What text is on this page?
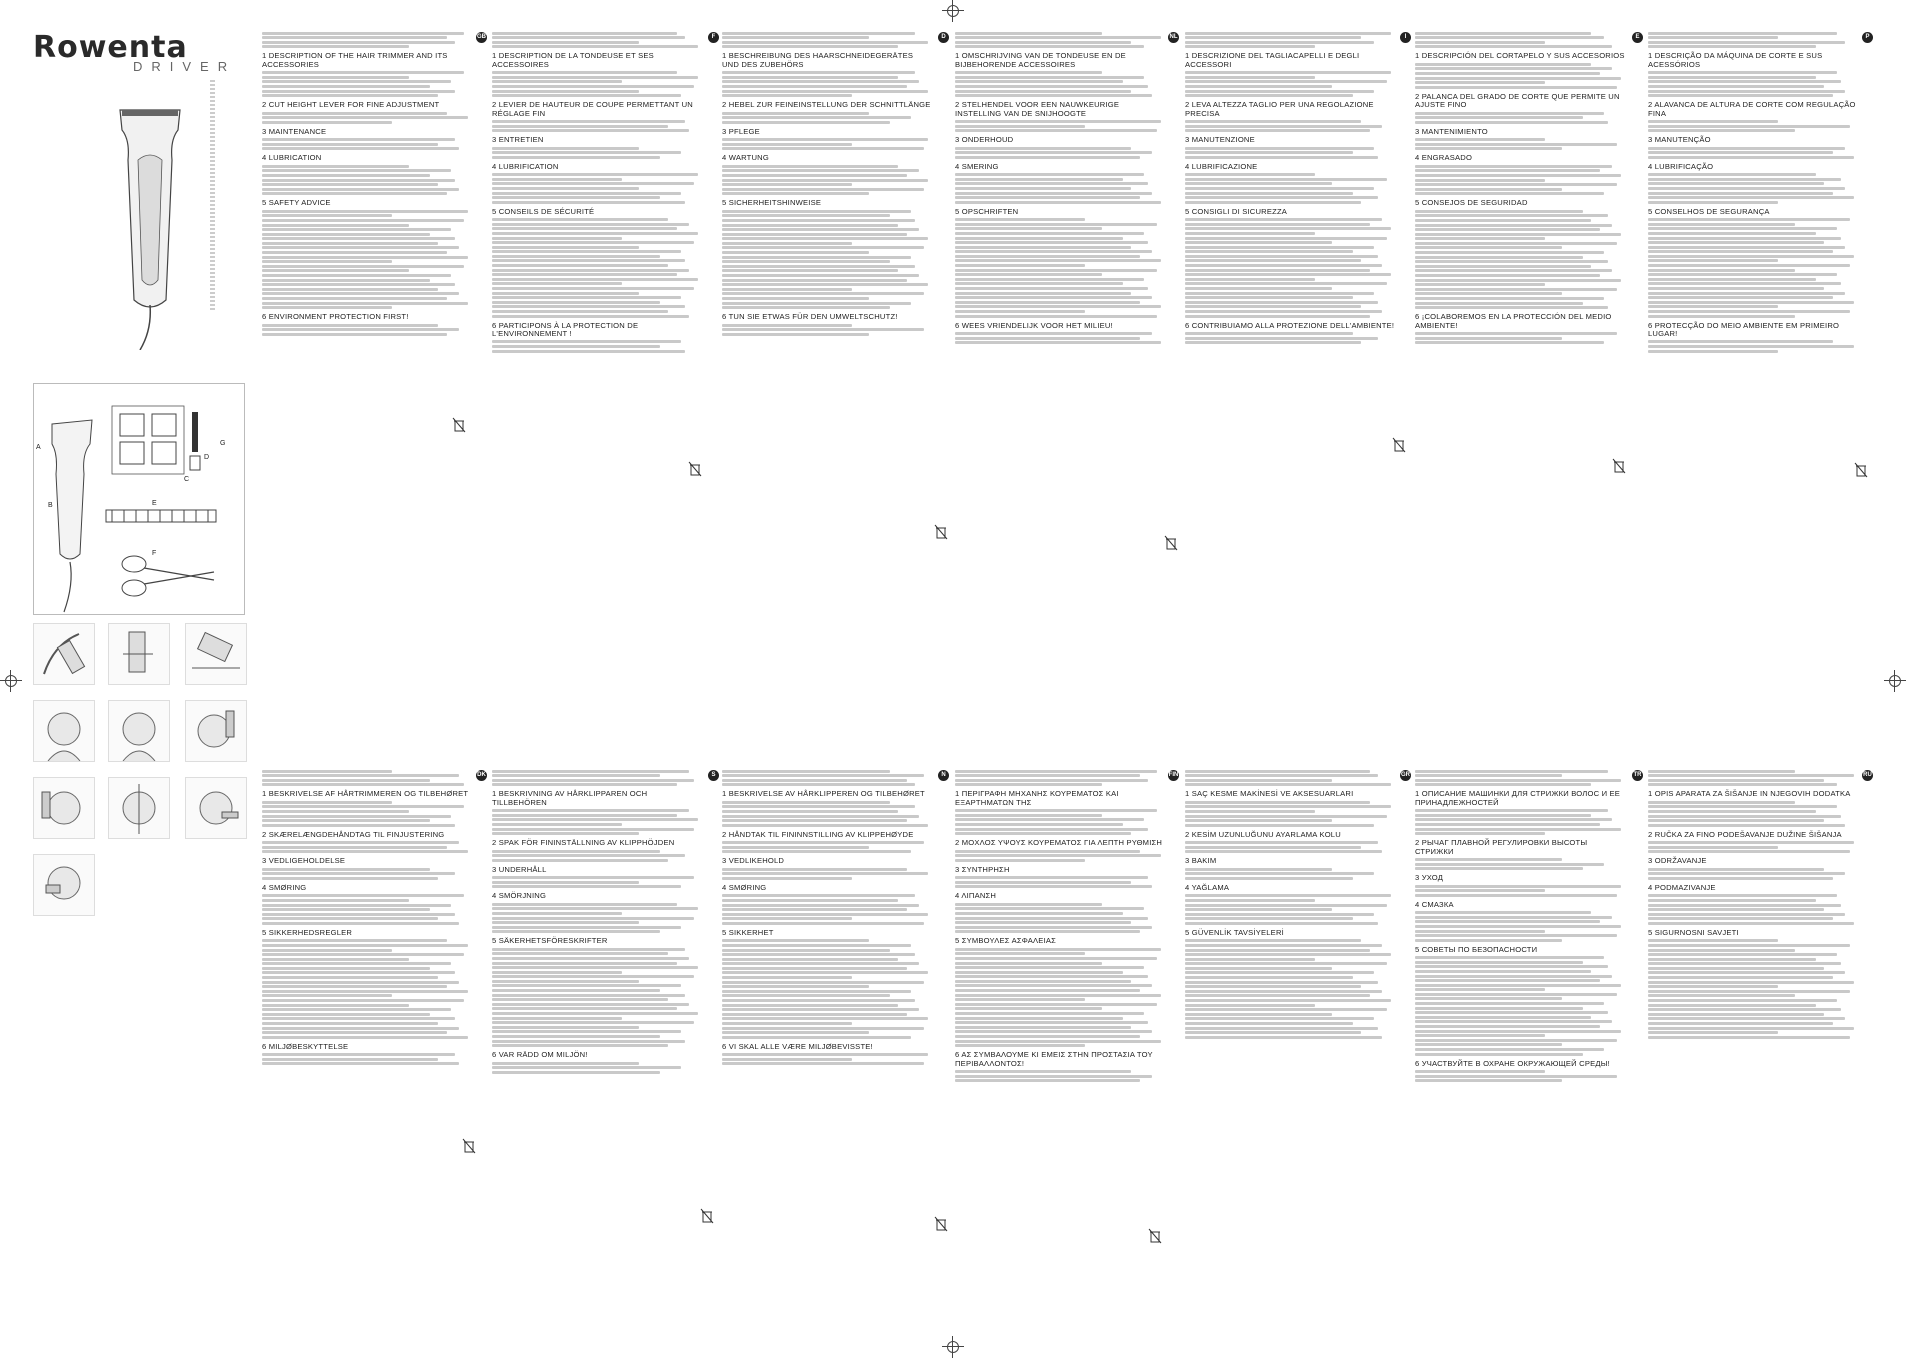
Rowenta
DRIVER
A
B
C
D
E
F
G
1 DESCRIPTION OF THE HAIR TRIMMER AND ITS ACCESSORIES
2 CUT HEIGHT LEVER FOR FINE ADJUSTMENT
3 MAINTENANCE
4 LUBRICATION
5 SAFETY ADVICE
6 ENVIRONMENT PROTECTION FIRST!
1 DESCRIPTION DE LA TONDEUSE ET SES ACCESSOIRES
2 LEVIER DE HAUTEUR DE COUPE PERMETTANT UN RÉGLAGE FIN
3 ENTRETIEN
4 LUBRIFICATION
5 CONSEILS DE SÉCURITÉ
6 PARTICIPONS À LA PROTECTION DE L'ENVIRONNEMENT !
1 BESCHREIBUNG DES HAARSCHNEIDEGERÄTES UND DES ZUBEHÖRS
2 HEBEL ZUR FEINEINSTELLUNG DER SCHNITTLÄNGE
3 PFLEGE
4 WARTUNG
5 SICHERHEITSHINWEISE
6 TUN SIE ETWAS FÜR DEN UMWELTSCHUTZ!
1 OMSCHRIJVING VAN DE TONDEUSE EN DE BIJBEHORENDE ACCESSOIRES
2 STELHENDEL VOOR EEN NAUWKEURIGE INSTELLING VAN DE SNIJHOOGTE
3 ONDERHOUD
4 SMERING
5 OPSCHRIFTEN
6 WEES VRIENDELIJK VOOR HET MILIEU!
1 DESCRIZIONE DEL TAGLIACAPELLI E DEGLI ACCESSORI
2 LEVA ALTEZZA TAGLIO PER UNA REGOLAZIONE PRECISA
3 MANUTENZIONE
4 LUBRIFICAZIONE
5 CONSIGLI DI SICUREZZA
6 CONTRIBUIAMO ALLA PROTEZIONE DELL'AMBIENTE!
1 DESCRIPCIÓN DEL CORTAPELO Y SUS ACCESORIOS
2 PALANCA DEL GRADO DE CORTE QUE PERMITE UN AJUSTE FINO
3 MANTENIMIENTO
4 ENGRASADO
5 CONSEJOS DE SEGURIDAD
6 ¡COLABOREMOS EN LA PROTECCIÓN DEL MEDIO AMBIENTE!
1 DESCRIÇÃO DA MÁQUINA DE CORTE E SUS ACESSÓRIOS
2 ALAVANCA DE ALTURA DE CORTE COM REGULAÇÃO FINA
3 MANUTENÇÃO
4 LUBRIFICAÇÃO
5 CONSELHOS DE SEGURANÇA
6 PROTECÇÃO DO MEIO AMBIENTE EM PRIMEIRO LUGAR!
1 BESKRIVELSE AF HÅRTRIMMEREN OG TILBEHØRET
2 SKÆRELÆNGDEHÅNDTAG TIL FINJUSTERING
3 VEDLIGEHOLDELSE
4 SMØRING
5 SIKKERHEDSREGLER
6 MILJØBESKYTTELSE
1 BESKRIVNING AV HÅRKLIPPAREN OCH TILLBEHÖREN
2 SPAK FÖR FININSTÄLLNING AV KLIPPHÖJDEN
3 UNDERHÅLL
4 SMÖRJNING
5 SÄKERHETSFÖRESKRIFTER
6 VAR RÄDD OM MILJÖN!
1 BESKRIVELSE AV HÅRKLIPPEREN OG TILBEHØRET
2 HÅNDTAK TIL FININNSTILLING AV KLIPPEHØYDE
3 VEDLIKEHOLD
4 SMØRING
5 SIKKERHET
6 VI SKAL ALLE VÆRE MILJØBEVISSTE!
1 ΠΕΡΙΓΡΑΦΗ ΜΗΧΑΝΗΣ ΚΟΥΡΕΜΑΤΟΣ ΚΑΙ ΕΞΑΡΤΗΜΑΤΩΝ ΤΗΣ
2 ΜΟΧΛΟΣ ΥΨΟΥΣ ΚΟΥΡΕΜΑΤΟΣ ΓΙΑ ΛΕΠΤΗ ΡΥΘΜΙΣΗ
3 ΣΥΝΤΗΡΗΣΗ
4 ΛΙΠΑΝΣΗ
5 ΣΥΜΒΟΥΛΕΣ ΑΣΦΑΛΕΙΑΣ
6 ΑΣ ΣΥΜΒΑΛΟΥΜΕ ΚΙ ΕΜΕΙΣ ΣΤΗΝ ΠΡΟΣΤΑΣΙΑ ΤΟΥ ΠΕΡΙΒΑΛΛΟΝΤΟΣ!
1 SAÇ KESME MAKİNESİ VE AKSESUARLARI
2 KESİM UZUNLUĞUNU AYARLAMA KOLU
3 BAKIM
4 YAĞLAMA
5 GÜVENLİK TAVSİYELERİ
1 ОПИСАНИЕ МАШИНКИ ДЛЯ СТРИЖКИ ВОЛОС И ЕЕ ПРИНАДЛЕЖНОСТЕЙ
2 РЫЧАГ ПЛАВНОЙ РЕГУЛИРОВКИ ВЫСОТЫ СТРИЖКИ
3 УХОД
4 СМАЗКА
5 СОВЕТЫ ПО БЕЗОПАСНОСТИ
6 УЧАСТВУЙТЕ В ОХРАНЕ ОКРУЖАЮЩЕЙ СРЕДЫ!
1 OPIS APARATA ZA ŠIŠANJE IN NJEGOVIH DODATKA
2 RUČKA ZA FINO PODEŠAVANJE DUŽINE ŠIŠANJA
3 ODRŽAVANJE
4 PODMAZIVANJE
5 SIGURNOSNI SAVJETI
GB	F	D	NL	I	E	P
DK	S	N	FIN	GR	TR	RU
